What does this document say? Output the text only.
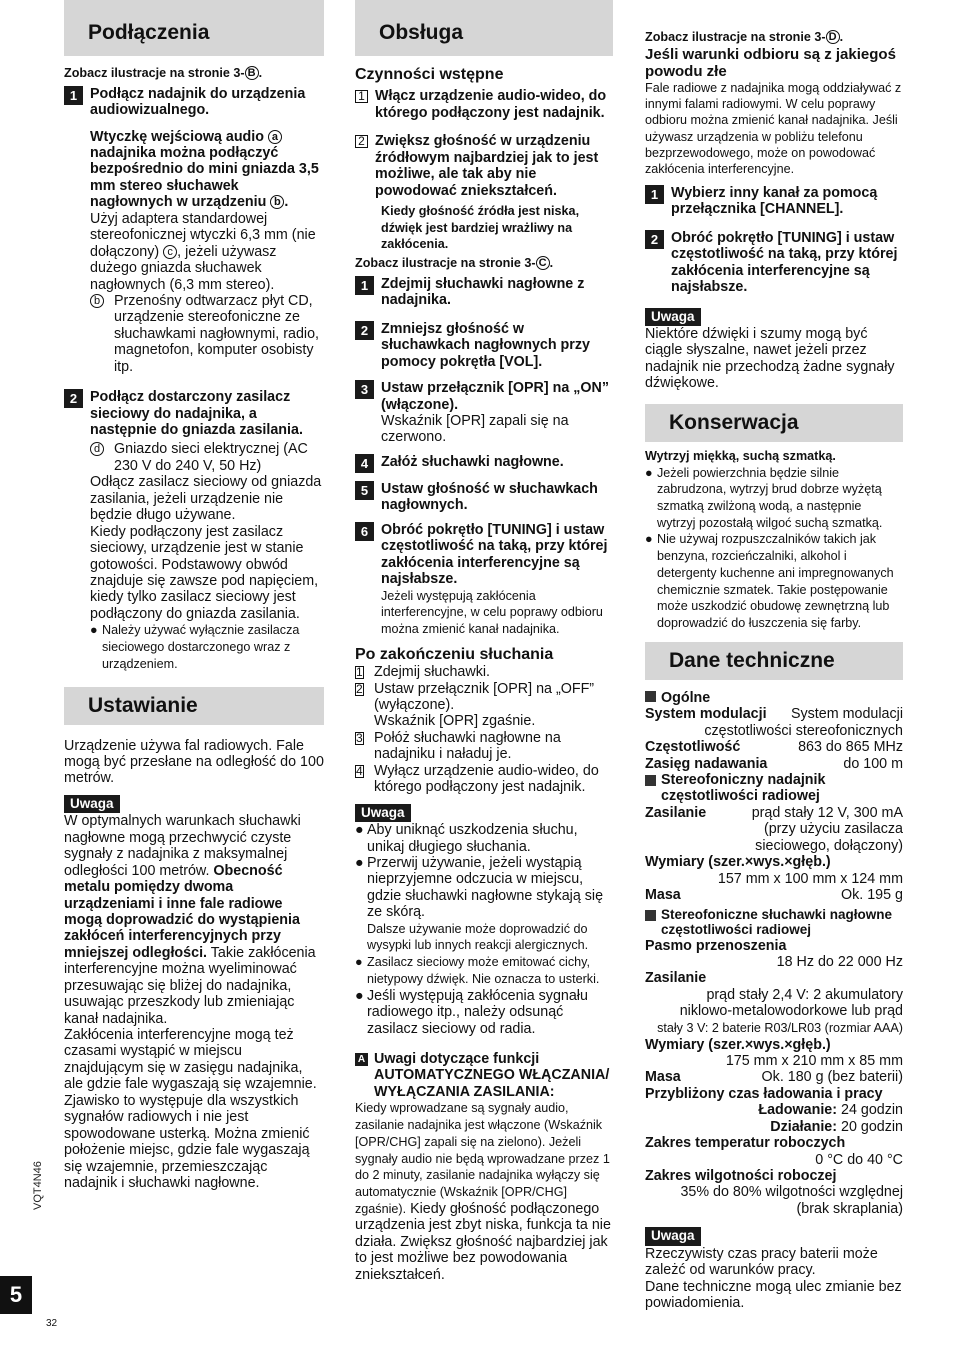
Podłączenia
Zobacz ilustracje na stronie 3- B .
1 Podłącz nadajnik do urządzenia audiowizualnego.
Wtyczkę wejściową audio a nadajnika można podłączyć bezpośrednio do mini gniazda 3,5 mm stereo słuchawek nagłownych w urządzeniu b .
Użyj adaptera standardowej stereofonicznej wtyczki 6,3 mm (nie dołączony) c , jeżeli używasz dużego gniazda słuchawek nagłownych (6,3 mm stereo).
b Przenośny odtwarzacz płyt CD, urządzenie stereofoniczne ze słuchawkami nagłownymi, radio, magnetofon, komputer osobisty itp.
2 Podłącz dostarczony zasilacz sieciowy do nadajnika, a następnie do gniazda zasilania.
d Gniazdo sieci elektrycznej (AC 230 V do 240 V, 50 Hz)
Odłącz zasilacz sieciowy od gniazda zasilania, jeżeli urządzenie nie będzie długo używane.
Kiedy podłączony jest zasilacz sieciowy, urządzenie jest w stanie gotowości. Podstawowy obwód znajduje się zawsze pod napięciem, kiedy tylko zasilacz sieciowy jest podłączony do gniazda zasilania.
● Należy używać wyłącznie zasilacza sieciowego dostarczonego wraz z urządzeniem.
Ustawianie
Urządzenie używa fal radiowych. Fale mogą być przesłane na odległość do 100 metrów.
Uwaga
W optymalnych warunkach słuchawki nagłowne mogą przechwycić czyste sygnały z nadajnika z maksymalnej odległości 100 metrów. Obecność metalu pomiędzy dwoma urządzeniami i inne fale radiowe mogą doprowadzić do wystąpienia zakłóceń interferencyjnych przy mniejszej odległości. Takie zakłócenia interferencyjne można wyeliminować przesuwając się bliżej do nadajnika, usuwając przeszkody lub zmieniając kanał nadajnika.
Zakłócenia interferencyjne mogą też czasami wystąpić w miejscu znajdującym się w zasięgu nadajnika, ale gdzie fale wygaszają się wzajemnie. Zjawisko to występuje dla wszystkich sygnałów radiowych i nie jest spowodowane usterką. Można zmienić położenie miejsc, gdzie fale wygaszają się wzajemnie, przemieszczając nadajnik i słuchawki nagłowne.
Obsługa
Czynności wstępne
1 Włącz urządzenie audio-wideo, do którego podłączony jest nadajnik.
2 Zwiększ głośność w urządzeniu źródłowym najbardziej jak to jest możliwe, ale tak aby nie powodować zniekształceń.
Kiedy głośność źródła jest niska, dźwięk jest bardziej wrażliwy na zakłócenia.
Zobacz ilustracje na stronie 3- C .
1 Zdejmij słuchawki nagłowne z nadajnika.
2 Zmniejsz głośność w słuchawkach nagłownych przy pomocy pokrętła [VOL].
3 Ustaw przełącznik [OPR] na „ON” (włączone).
Wskaźnik [OPR] zapali się na czerwono.
4 Załóż słuchawki nagłowne.
5 Ustaw głośność w słuchawkach nagłownych.
6 Obróć pokrętło [TUNING] i ustaw częstotliwość na taką, przy której zakłócenia interferencyjne są najsłabsze.
Jeżeli występują zakłócenia interferencyjne, w celu poprawy odbioru można zmienić kanał nadajnika.
Po zakończeniu słuchania
1 Zdejmij słuchawki.
2 Ustaw przełącznik [OPR] na „OFF” (wyłączone).
Wskaźnik [OPR] zgaśnie.
3 Połóż słuchawki nagłowne na nadajniku i naładuj je.
4 Wyłącz urządzenie audio-wideo, do którego podłączony jest nadajnik.
Uwaga
● Aby uniknąć uszkodzenia słuchu, unikaj długiego słuchania.
● Przerwij używanie, jeżeli wystąpią nieprzyjemne odczucia w miejscu, gdzie słuchawki nagłowne stykają się ze skórą.
Dalsze używanie może doprowadzić do wysypki lub innych reakcji alergicznych.
● Zasilacz sieciowy może emitować cichy, nietypowy dźwięk. Nie oznacza to usterki.
● Jeśli występują zakłócenia sygnału radiowego itp., należy odsunąć zasilacz sieciowy od radia.
A Uwagi dotyczące funkcji AUTOMATYCZNEGO WŁĄCZANIA/ WYŁĄCZANIA ZASILANIA:
Kiedy wprowadzane są sygnały audio, zasilanie nadajnika jest włączone (Wskaźnik [OPR/CHG] zapali się na zielono). Jeżeli sygnały audio nie będą wprowadzane przez 1 do 2 minuty, zasilanie nadajnika wyłączy się automatycznie (Wskaźnik [OPR/CHG] zgaśnie). Kiedy głośność podłączonego urządzenia jest zbyt niska, funkcja ta nie działa. Zwiększ głośność najbardziej jak to jest możliwe bez powodowania zniekształceń.
Zobacz ilustracje na stronie 3- D .
Jeśli warunki odbioru są z jakiegoś powodu złe
Fale radiowe z nadajnika mogą oddziaływać z innymi falami radiowymi. W celu poprawy odbioru można zmienić kanał nadajnika. Jeśli używasz urządzenia w pobliżu telefonu bezprzewodowego, może on powodować zakłócenia interferencyjne.
1 Wybierz inny kanał za pomocą przełącznika [CHANNEL].
2 Obróć pokrętło [TUNING] i ustaw częstotliwość na taką, przy której zakłócenia interferencyjne są najsłabsze.
Uwaga
Niektóre dźwięki i szumy mogą być ciągle słyszalne, nawet jeżeli przez nadajnik nie przechodzą żadne sygnały dźwiękowe.
Konserwacja
Wytrzyj miękką, suchą szmatką.
● Jeżeli powierzchnia będzie silnie zabrudzona, wytrzyj brud dobrze wyżętą szmatką zwilżoną wodą, a następnie wytrzyj pozostałą wilgoć suchą szmatką.
● Nie używaj rozpuszczalników takich jak benzyna, rozcieńczalniki, alkohol i detergenty kuchenne ani impregnowanych chemicznie szmatek. Takie postępowanie może uszkodzić obudowę zewnętrzną lub doprowadzić do łuszczenia się farby.
Dane techniczne
Ogólne
System modulacji System modulacji
częstotliwości stereofonicznych
Częstotliwość	863 do 865 MHz
Zasięg nadawania	do 100 m
Stereofoniczny nadajnik częstotliwości radiowej
Zasilanie	prąd stały 12 V, 300 mA
(przy użyciu zasilacza
sieciowego, dołączony)
Wymiary (szer.×wys.×głęb.)
157 mm x 100 mm x 124 mm
Masa	Ok. 195 g
Stereofoniczne słuchawki nagłowne częstotliwości radiowej
Pasmo przenoszenia
18 Hz do 22 000 Hz
Zasilanie
prąd stały 2,4 V: 2 akumulatory
niklowo-metalowodorkowe lub prąd
stały 3 V: 2 baterie R03/LR03 (rozmiar AAA)
Wymiary (szer.×wys.×głęb.)
175 mm x 210 mm x 85 mm
Masa	Ok. 180 g (bez baterii)
Przybliżony czas ładowania i pracy
Ładowanie: 24 godzin
Działanie: 20 godzin
Zakres temperatur roboczych
0 °C do 40 °C
Zakres wilgotności roboczej
35% do 80% wilgotności względnej
(brak skraplania)
Uwaga
Rzeczywisty czas pracy baterii może zależć od warunków pracy.
Dane techniczne mogą ulec zmianie bez powiadomienia.
VQT4N46
5
32
